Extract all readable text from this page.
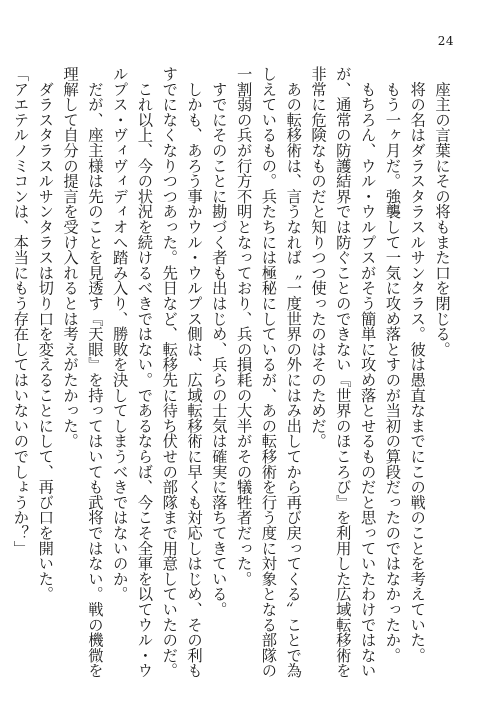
24
　座主の言葉にその将もまた口を閉じる。
　将の名はダラスタラスルサンタラス。彼は愚直なまでにこの戦のことを考えていた。
　もう一ヶ月だ。強襲して一気に攻め落とすのが当初の算段だったのではなかったか。
　もちろん、ウル・ウルプスがそう簡単に攻め落とせるものだと思っていたわけではない
が、通常の防護結界では防ぐことのできない『世界のほころび』を利用した広域転移術を
非常に危険なものだと知りつつ使ったのはそのためだ。
　あの転移術は、言うなれば〝一度世界の外にはみ出してから再び戻ってくる〟ことで為
しえているもの。兵たちには極秘にしているが、あの転移術を行う度に対象となる部隊の
一割弱の兵が行方不明となっており、兵の損耗の大半がその犠牲者だった。
　すでにそのことに勘づく者も出はじめ、兵らの士気は確実に落ちてきている。
　しかも、あろう事かウル・ウルプス側は、広域転移術に早くも対応しはじめ、その利も
すでになくなりつつあった。先日など、転移先に待ち伏せの部隊まで用意していたのだ。
　これ以上、今の状況を続けるべきではない。であるならば、今こそ全軍を以てウル・ウ
ルプス・ヴィヴィディオへ踏み入り、勝敗を決してしまうべきではないのか。
　だが、座主様は先のことを見透す『天眼』を持ってはいても武将ではない。戦の機微を
理解して自分の提言を受け入れるとは考えがたかった。
　ダラスタラスルサンタラスは切り口を変えることにして、再び口を開いた。
「アエテルノミコンは、本当にもう存在してはいないのでしょうか？」
